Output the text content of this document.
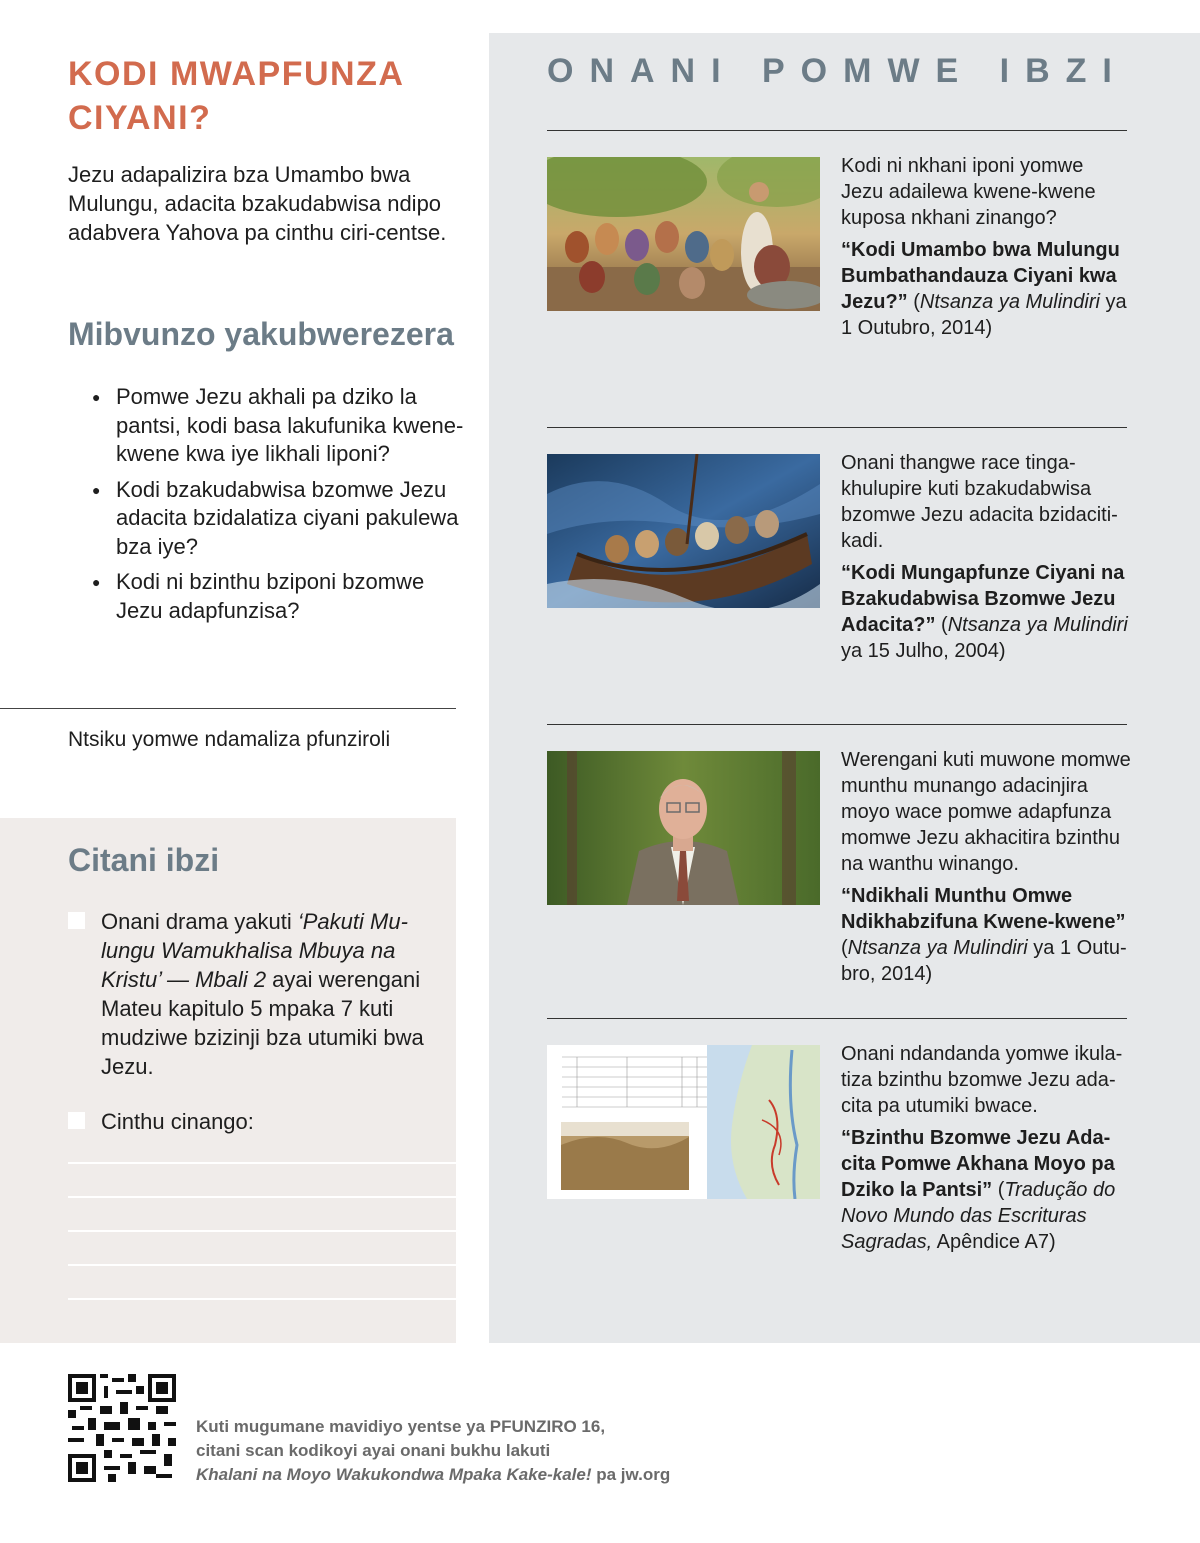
KODI MWAPFUNZA CIYANI?

Jezu adapalizira bza Umambo bwa Mulungu, adacita bzakudabwisa ndipo adabvera Yahova pa cinthu ciri-centse.

Mibvunzo yakubwerezera
● Pomwe Jezu akhali pa dziko la pantsi, kodi basa lakufunika kwene-kwene kwa iye likhali liponi?
● Kodi bzakudabwisa bzomwe Jezu adacita bzidalatiza ciyani pakulewa bza iye?
● Kodi ni bzinthu bziponi bzomwe Jezu adapfunzisa?
Ntsiku yomwe ndamaliza pfunziroli
Citani ibzi
Onani drama yakuti ‘Pakuti Mulungu Wamukhalisa Mbuya na Kristu’ — Mbali 2 ayai werengani Mateu kapitulo 5 mpaka 7 kuti mudziwe bzizinji bza utumiki bwa Jezu.
Cinthu cinango:
ONANI POMWE IBZI
Kodi ni nkhani iponi yomwe Jezu adailewa kwene-kwene kuposa nkhani zinango?
“Kodi Umambo bwa Mulungu Bumbathandauza Ciyani kwa Jezu?” (Ntsanza ya Mulindiri ya 1 Outubro, 2014)
Onani thangwe race tingakhulupire kuti bzakudabwisa bzomwe Jezu adacita bzidacitikadi.
“Kodi Mungapfunze Ciyani na Bzakudabwisa Bzomwe Jezu Adacita?” (Ntsanza ya Mulindiri ya 15 Julho, 2004)
Werengani kuti muwone momwe munthu munango adacinjira moyo wace pomwe adapfunza momwe Jezu akhacitira bzinthu na wanthu winango.
“Ndikhali Munthu Omwe Ndikhabzifuna Kwene-kwene” (Ntsanza ya Mulindiri ya 1 Outubro, 2014)
Onani ndandanda yomwe ikulatiza bzinthu bzomwe Jezu adacita pa utumiki bwace.
“Bzinthu Bzomwe Jezu Adacita Pomwe Akhana Moyo pa Dziko la Pantsi” (Tradução do Novo Mundo das Escrituras Sagradas, Apêndice A7)
Kuti mugumane mavidiyo yentse ya PFUNZIRO 16,
citani scan kodikoyi ayai onani bukhu lakuti
Khalani na Moyo Wakukondwa Mpaka Kake-kale! pa jw.org
